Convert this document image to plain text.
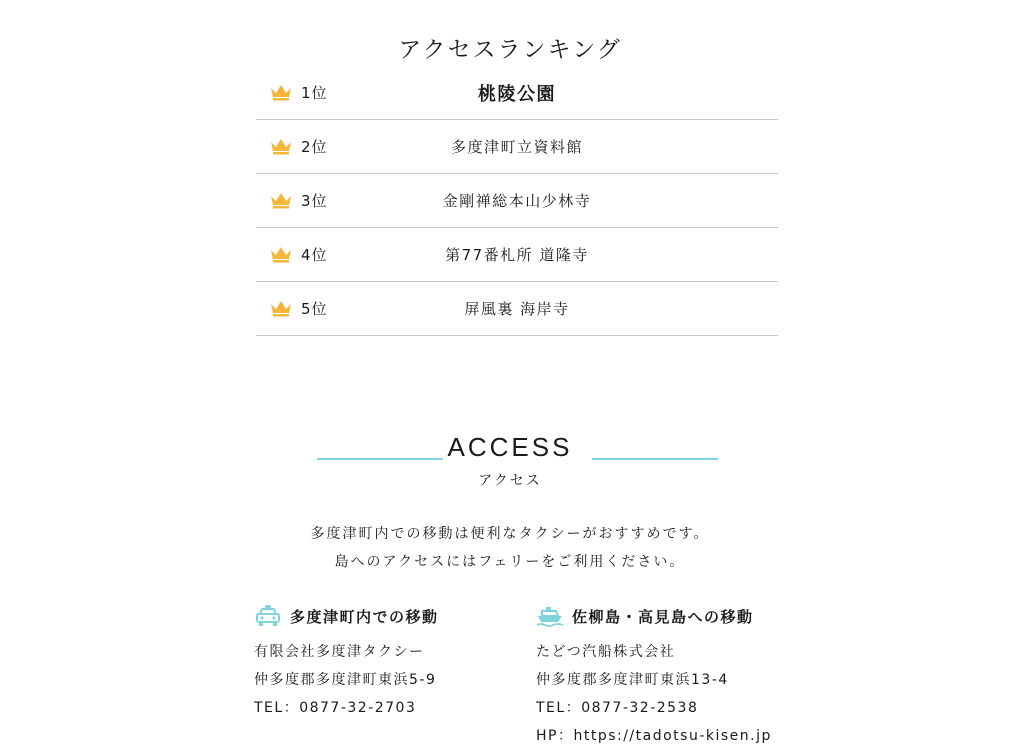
アクセスランキング
1位	桃陵公園
2位	多度津町立資料館
3位	金剛禅総本山少林寺
4位	第77番札所 道隆寺
5位	屏風裏 海岸寺
ACCESS
アクセス
多度津町内での移動は便利なタクシーがおすすめです。
島へのアクセスにはフェリーをご利用ください。
多度津町内での移動
有限会社多度津タクシー
仲多度郡多度津町東浜5-9
TEL：0877-32-2703
佐柳島・高見島への移動
たどつ汽船株式会社
仲多度郡多度津町東浜13-4
TEL：0877-32-2538
HP：https://tadotsu-kisen.jp
